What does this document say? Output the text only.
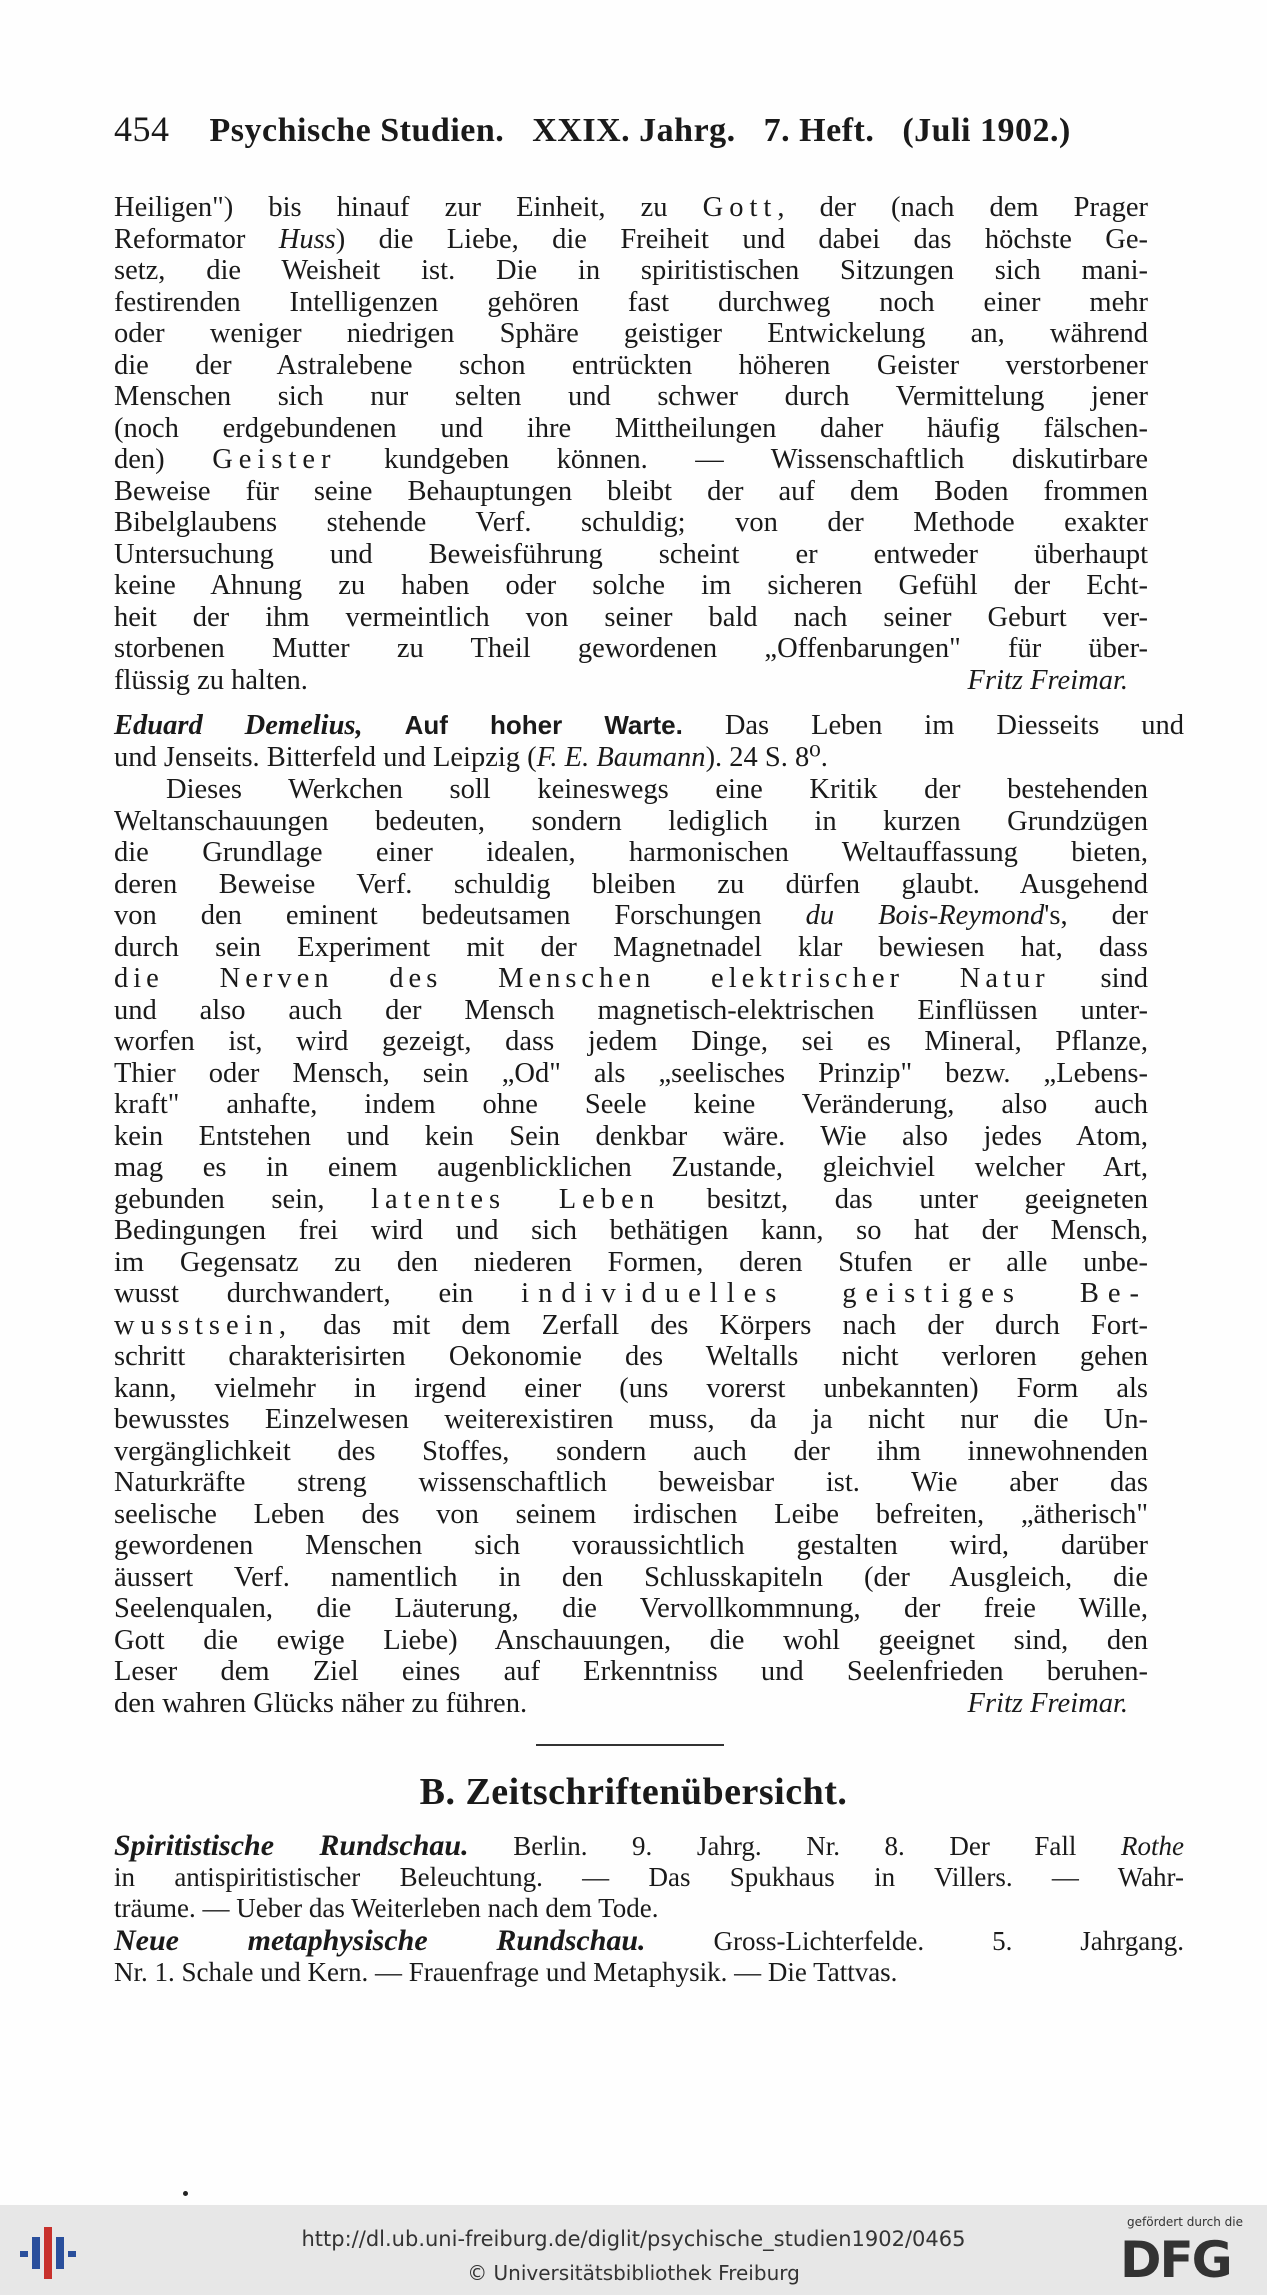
454 Psychische Studien. XXIX. Jahrg. 7. Heft. (Juli 1902.)

Heiligen") bis hinauf zur Einheit, zu Gott, der (nach dem Prager

Reformator Huss) die Liebe, die Freiheit und dabei das höchste Ge-

setz, die Weisheit ist. Die in spiritistischen Sitzungen sich mani-

festirenden Intelligenzen gehören fast durchweg noch einer mehr

oder weniger niedrigen Sphäre geistiger Entwickelung an, während

die der Astralebene schon entrückten höheren Geister verstorbener

Menschen sich nur selten und schwer durch Vermittelung jener

(noch erdgebundenen und ihre Mittheilungen daher häufig fälschen-

den) Geister kundgeben können. — Wissenschaftlich diskutirbare

Beweise für seine Behauptungen bleibt der auf dem Boden frommen

Bibelglaubens stehende Verf. schuldig; von der Methode exakter

Untersuchung und Beweisführung scheint er entweder überhaupt

keine Ahnung zu haben oder solche im sicheren Gefühl der Echt-

heit der ihm vermeintlich von seiner bald nach seiner Geburt ver-

storbenen Mutter zu Theil gewordenen „Offenbarungen" für über-

flüssig zu halten.	Fritz Freimar.

Eduard Demelius, Auf hoher Warte. Das Leben im Diesseits und

und Jenseits. Bitterfeld und Leipzig (F. E. Baumann). 24 S. 8⁰.

Dieses Werkchen soll keineswegs eine Kritik der bestehenden

Weltanschauungen bedeuten, sondern lediglich in kurzen Grundzügen

die Grundlage einer idealen, harmonischen Weltauffassung bieten,

deren Beweise Verf. schuldig bleiben zu dürfen glaubt. Ausgehend

von den eminent bedeutsamen Forschungen du Bois-Reymond's, der

durch sein Experiment mit der Magnetnadel klar bewiesen hat, dass

die Nerven des Menschen elektrischer Natur sind

und also auch der Mensch magnetisch-elektrischen Einflüssen unter-

worfen ist, wird gezeigt, dass jedem Dinge, sei es Mineral, Pflanze,

Thier oder Mensch, sein „Od" als „seelisches Prinzip" bezw. „Lebens-

kraft" anhafte, indem ohne Seele keine Veränderung, also auch

kein Entstehen und kein Sein denkbar wäre. Wie also jedes Atom,

mag es in einem augenblicklichen Zustande, gleichviel welcher Art,

gebunden sein, latentes Leben besitzt, das unter geeigneten

Bedingungen frei wird und sich bethätigen kann, so hat der Mensch,

im Gegensatz zu den niederen Formen, deren Stufen er alle unbe-

wusst durchwandert, ein individuelles geistiges Be-

wusstsein, das mit dem Zerfall des Körpers nach der durch Fort-

schritt charakterisirten Oekonomie des Weltalls nicht verloren gehen

kann, vielmehr in irgend einer (uns vorerst unbekannten) Form als

bewusstes Einzelwesen weiterexistiren muss, da ja nicht nur die Un-

vergänglichkeit des Stoffes, sondern auch der ihm innewohnenden

Naturkräfte streng wissenschaftlich beweisbar ist. Wie aber das

seelische Leben des von seinem irdischen Leibe befreiten, „ätherisch"

gewordenen Menschen sich voraussichtlich gestalten wird, darüber

äussert Verf. namentlich in den Schlusskapiteln (der Ausgleich, die

Seelenqualen, die Läuterung, die Vervollkommnung, der freie Wille,

Gott die ewige Liebe) Anschauungen, die wohl geeignet sind, den

Leser dem Ziel eines auf Erkenntniss und Seelenfrieden beruhen-

den wahren Glücks näher zu führen.	Fritz Freimar.

B. Zeitschriftenübersicht.

Spiritistische Rundschau. Berlin. 9. Jahrg. Nr. 8. Der Fall Rothe

in antispiritistischer Beleuchtung. — Das Spukhaus in Villers. — Wahr-

träume. — Ueber das Weiterleben nach dem Tode.

Neue metaphysische Rundschau.	Gross-Lichterfelde. 5. Jahrgang.

Nr. 1. Schale und Kern. — Frauenfrage und Metaphysik. — Die Tattvas.

http://dl.ub.uni-freiburg.de/diglit/psychische_studien1902/0465
© Universitätsbibliothek Freiburg
gefördert durch die
DFG
